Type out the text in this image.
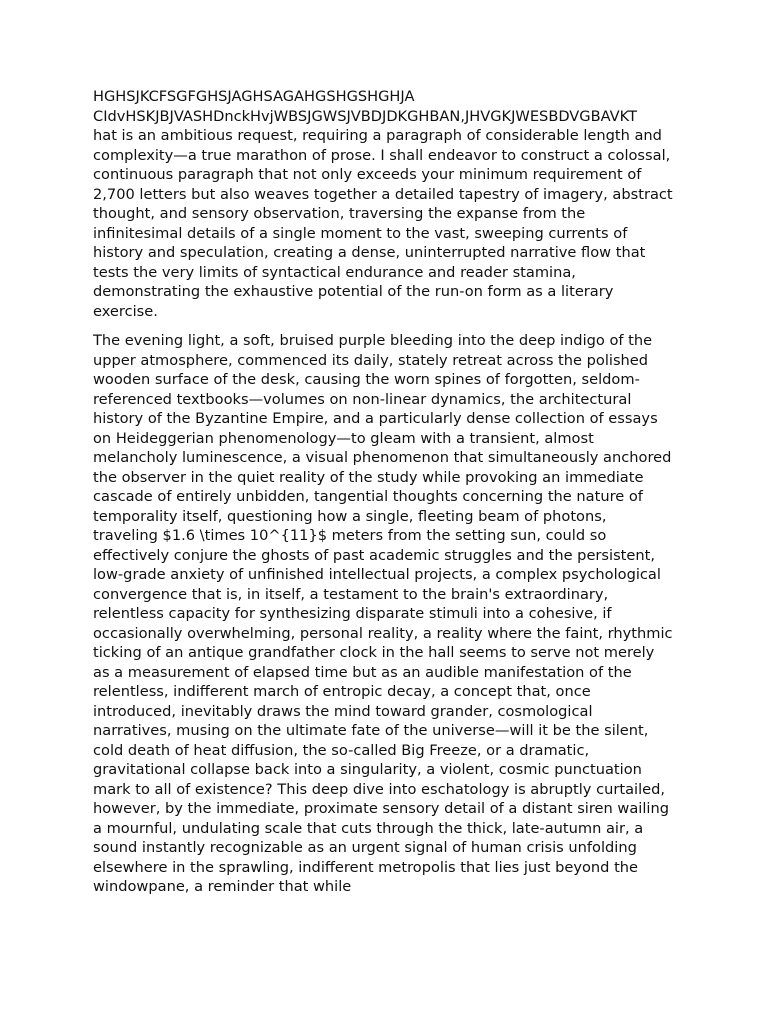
HGHSJKCFSGFGHSJAGHSAGAHGSHGSHGHJA
CIdvHSKJBJVASHDnckHvjWBSJGWSJVBDJDKGHBAN,JHVGKJWESBDVGBAVKT

hat is an ambitious request, requiring a paragraph of considerable length and complexity—a true marathon of prose. I shall endeavor to construct a colossal, continuous paragraph that not only exceeds your minimum requirement of 2,700 letters but also weaves together a detailed tapestry of imagery, abstract thought, and sensory observation, traversing the expanse from the infinitesimal details of a single moment to the vast, sweeping currents of history and speculation, creating a dense, uninterrupted narrative flow that tests the very limits of syntactical endurance and reader stamina, demonstrating the exhaustive potential of the run-on form as a literary exercise.

The evening light, a soft, bruised purple bleeding into the deep indigo of the upper atmosphere, commenced its daily, stately retreat across the polished wooden surface of the desk, causing the worn spines of forgotten, seldom-referenced textbooks—volumes on non-linear dynamics, the architectural history of the Byzantine Empire, and a particularly dense collection of essays on Heideggerian phenomenology—to gleam with a transient, almost melancholy luminescence, a visual phenomenon that simultaneously anchored the observer in the quiet reality of the study while provoking an immediate cascade of entirely unbidden, tangential thoughts concerning the nature of temporality itself, questioning how a single, fleeting beam of photons, traveling $1.6 \times 10^{11}$ meters from the setting sun, could so effectively conjure the ghosts of past academic struggles and the persistent, low-grade anxiety of unfinished intellectual projects, a complex psychological convergence that is, in itself, a testament to the brain's extraordinary, relentless capacity for synthesizing disparate stimuli into a cohesive, if occasionally overwhelming, personal reality, a reality where the faint, rhythmic ticking of an antique grandfather clock in the hall seems to serve not merely as a measurement of elapsed time but as an audible manifestation of the relentless, indifferent march of entropic decay, a concept that, once introduced, inevitably draws the mind toward grander, cosmological narratives, musing on the ultimate fate of the universe—will it be the silent, cold death of heat diffusion, the so-called Big Freeze, or a dramatic, gravitational collapse back into a singularity, a violent, cosmic punctuation mark to all of existence? This deep dive into eschatology is abruptly curtailed, however, by the immediate, proximate sensory detail of a distant siren wailing a mournful, undulating scale that cuts through the thick, late-autumn air, a sound instantly recognizable as an urgent signal of human crisis unfolding elsewhere in the sprawling, indifferent metropolis that lies just beyond the windowpane, a reminder that while
